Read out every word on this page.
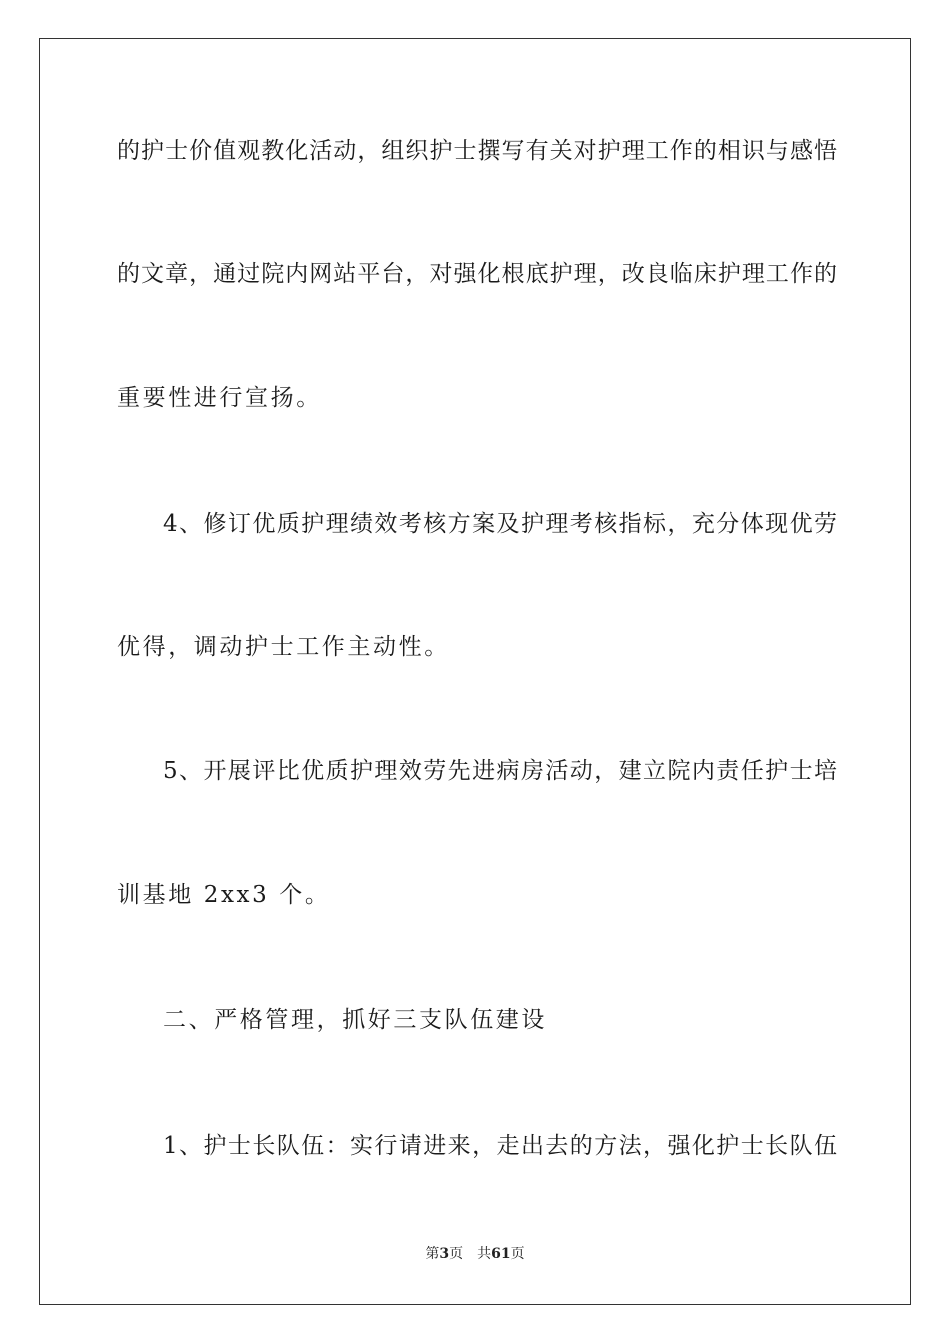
的护士价值观教化活动，组织护士撰写有关对护理工作的相识与感悟
的文章，通过院内网站平台，对强化根底护理，改良临床护理工作的
重要性进行宣扬。
4、修订优质护理绩效考核方案及护理考核指标，充分体现优劳
优得，调动护士工作主动性。
5、开展评比优质护理效劳先进病房活动，建立院内责任护士培
训基地 2xx3 个。
二、严格管理，抓好三支队伍建设
1、护士长队伍：实行请进来，走出去的方法，强化护士长队伍
第3页 共61页
